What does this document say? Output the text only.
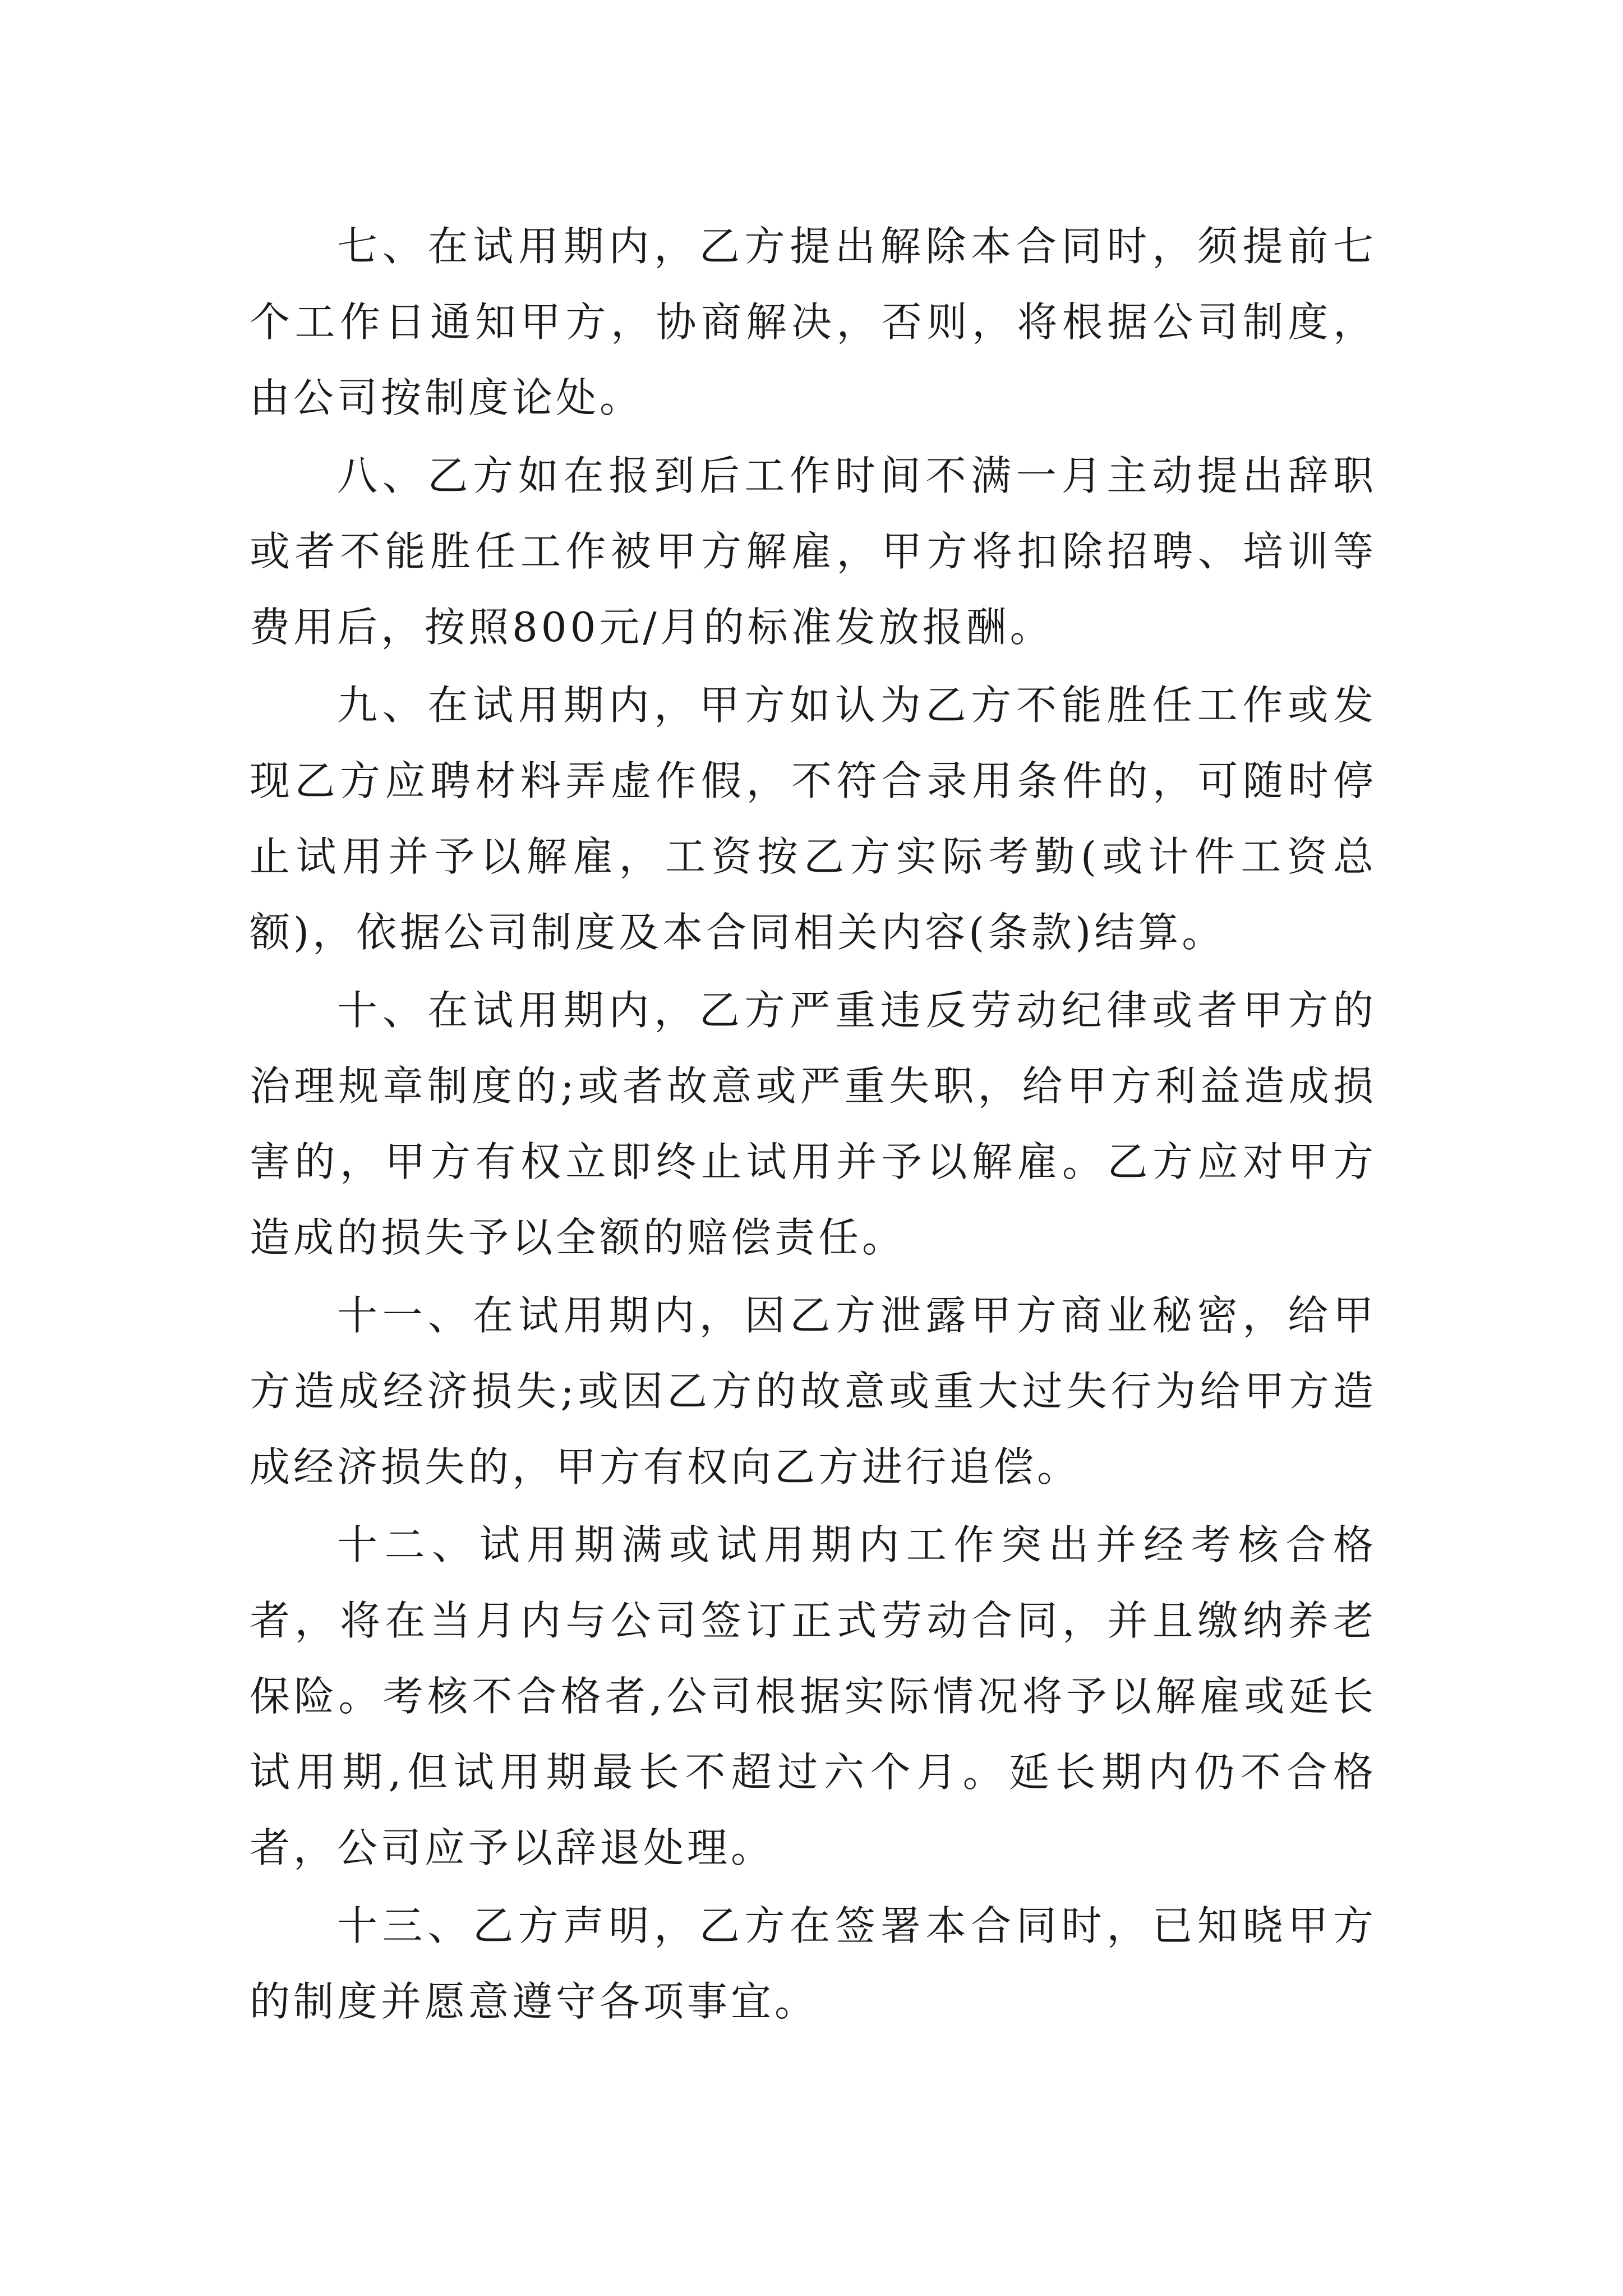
七、在试用期内，乙方提出解除本合同时，须提前七个工作日通知甲方，协商解决，否则，将根据公司制度，由公司按制度论处。

八、乙方如在报到后工作时间不满一月主动提出辞职或者不能胜任工作被甲方解雇，甲方将扣除招聘、培训等费用后，按照800元/月的标准发放报酬。

九、在试用期内，甲方如认为乙方不能胜任工作或发现乙方应聘材料弄虚作假，不符合录用条件的，可随时停止试用并予以解雇，工资按乙方实际考勤(或计件工资总额)，依据公司制度及本合同相关内容(条款)结算。

十、在试用期内，乙方严重违反劳动纪律或者甲方的治理规章制度的;或者故意或严重失职，给甲方利益造成损害的，甲方有权立即终止试用并予以解雇。乙方应对甲方造成的损失予以全额的赔偿责任。

十一、在试用期内，因乙方泄露甲方商业秘密，给甲方造成经济损失;或因乙方的故意或重大过失行为给甲方造成经济损失的，甲方有权向乙方进行追偿。

十二、试用期满或试用期内工作突出并经考核合格者，将在当月内与公司签订正式劳动合同，并且缴纳养老保险。考核不合格者,公司根据实际情况将予以解雇或延长试用期,但试用期最长不超过六个月。延长期内仍不合格者，公司应予以辞退处理。

十三、乙方声明，乙方在签署本合同时，已知晓甲方的制度并愿意遵守各项事宜。
